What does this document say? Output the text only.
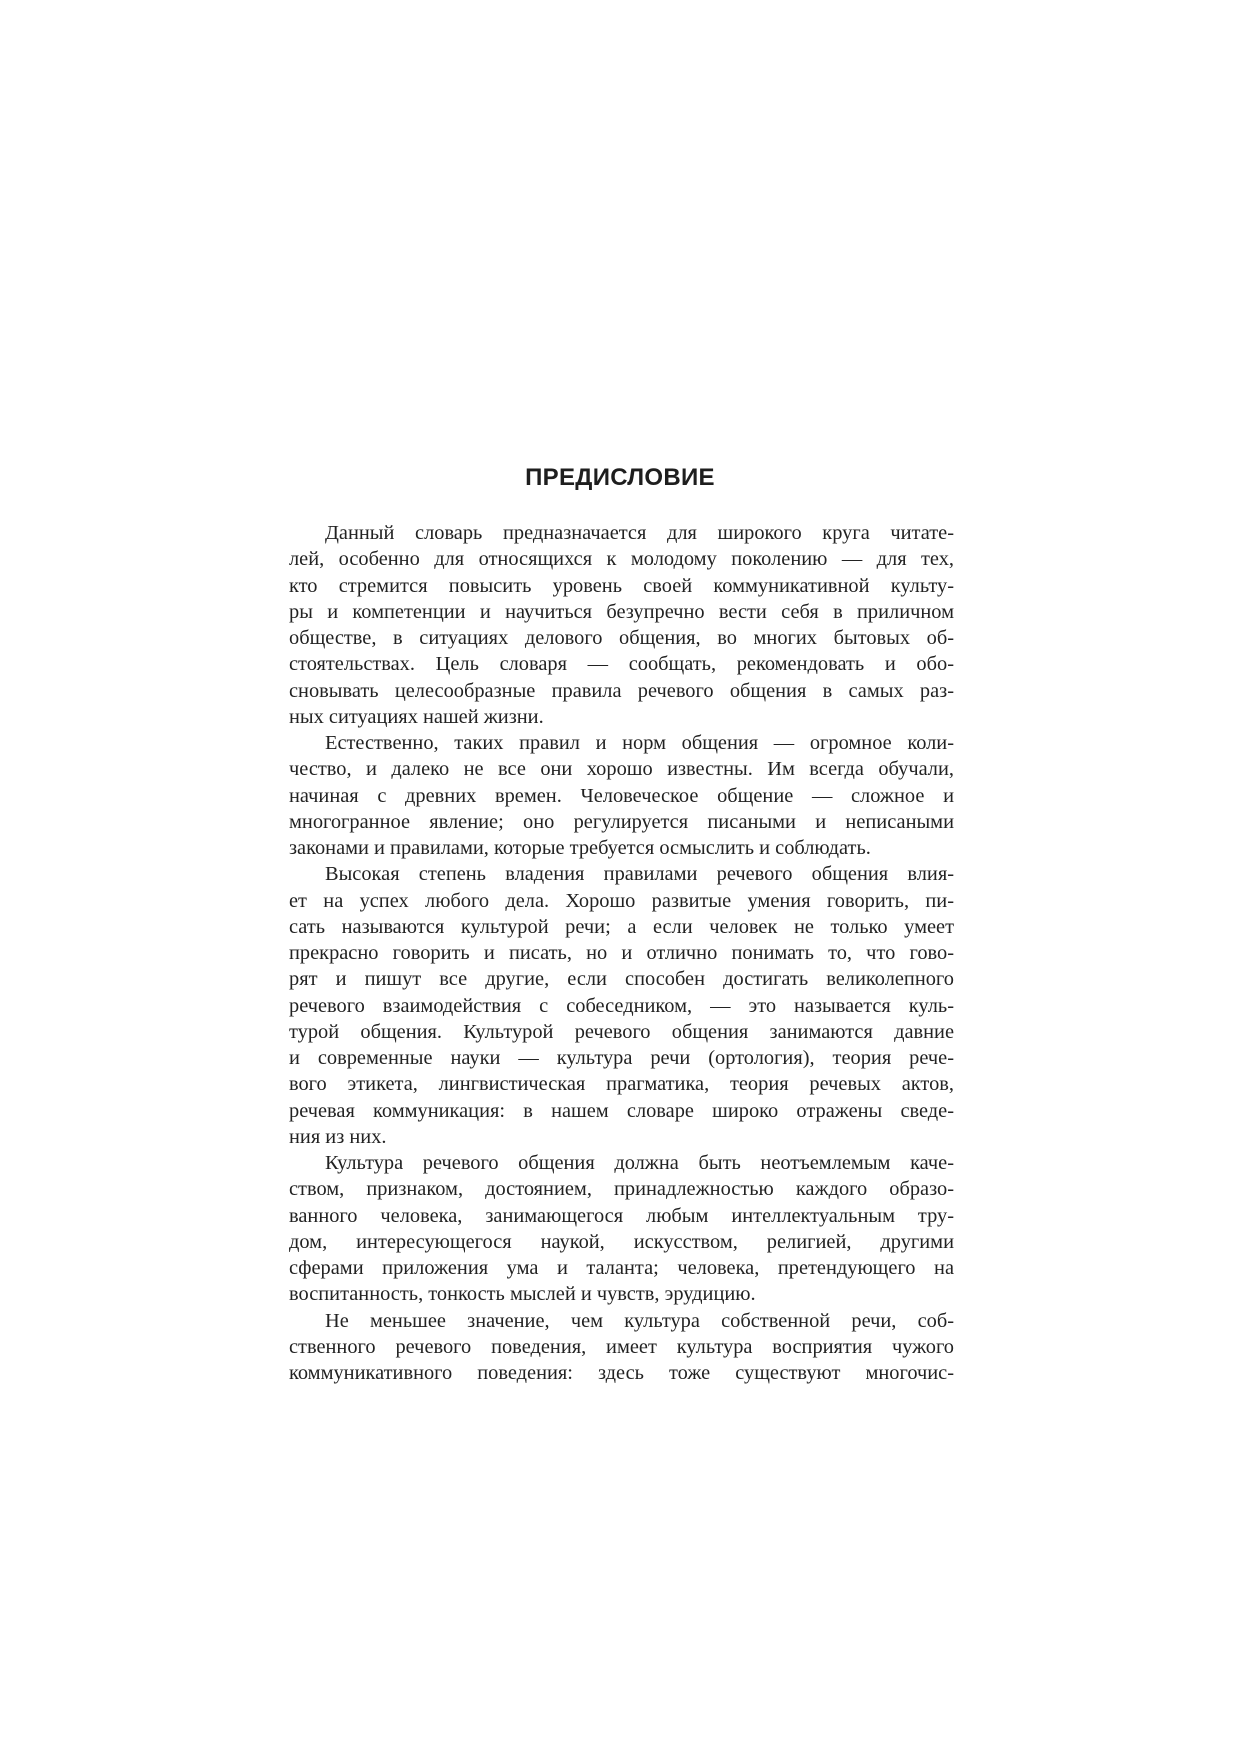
ПРЕДИСЛОВИЕ
Данный словарь предназначается для широкого круга читате-
лей, особенно для относящихся к молодому поколению — для тех,
кто стремится повысить уровень своей коммуникативной культу-
ры и компетенции и научиться безупречно вести себя в приличном
обществе, в ситуациях делового общения, во многих бытовых об-
стоятельствах. Цель словаря — сообщать, рекомендовать и обо-
сновывать целесообразные правила речевого общения в самых раз-
ных ситуациях нашей жизни.
Естественно, таких правил и норм общения — огромное коли-
чество, и далеко не все они хорошо известны. Им всегда обучали,
начиная с древних времен. Человеческое общение — сложное и
многогранное явление; оно регулируется писаными и неписаными
законами и правилами, которые требуется осмыслить и соблюдать.
Высокая степень владения правилами речевого общения влия-
ет на успех любого дела. Хорошо развитые умения говорить, пи-
сать называются культурой речи; а если человек не только умеет
прекрасно говорить и писать, но и отлично понимать то, что гово-
рят и пишут все другие, если способен достигать великолепного
речевого взаимодействия с собеседником, — это называется куль-
турой общения. Культурой речевого общения занимаются давние
и современные науки — культура речи (ортология), теория рече-
вого этикета, лингвистическая прагматика, теория речевых актов,
речевая коммуникация: в нашем словаре широко отражены сведе-
ния из них.
Культура речевого общения должна быть неотъемлемым каче-
ством, признаком, достоянием, принадлежностью каждого образо-
ванного человека, занимающегося любым интеллектуальным тру-
дом, интересующегося наукой, искусством, религией, другими
сферами приложения ума и таланта; человека, претендующего на
воспитанность, тонкость мыслей и чувств, эрудицию.
Не меньшее значение, чем культура собственной речи, соб-
ственного речевого поведения, имеет культура восприятия чужого
коммуникативного поведения: здесь тоже существуют многочис-
